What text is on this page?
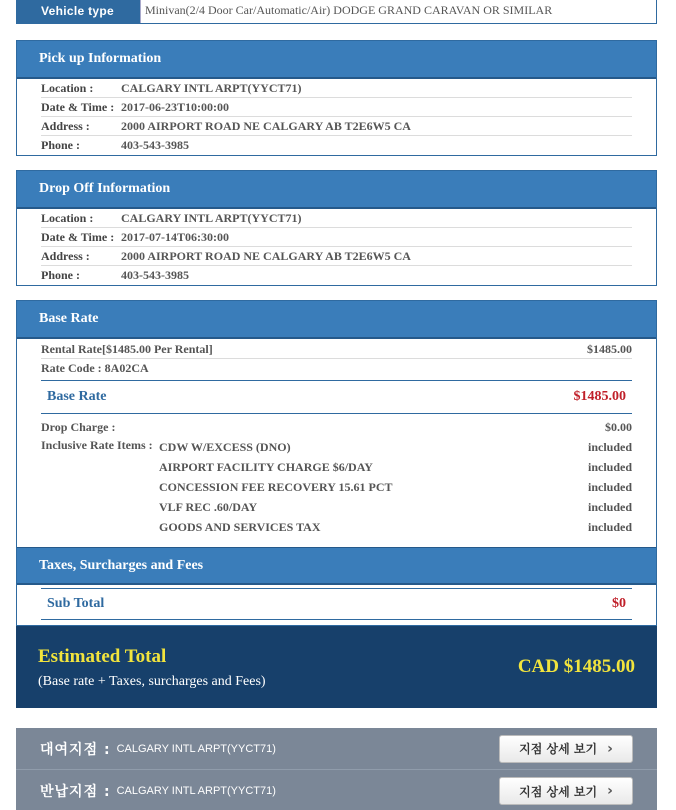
Vehicle type	Minivan(2/4 Door Car/Automatic/Air) DODGE GRAND CARAVAN OR SIMILAR
Pick up Information
Location :	CALGARY INTL ARPT(YYCT71)
Date & Time : 2017-06-23T10:00:00
Address :	2000 AIRPORT ROAD NE CALGARY AB T2E6W5 CA
Phone :	403-543-3985
Drop Off Information
Location :	CALGARY INTL ARPT(YYCT71)
Date & Time : 2017-07-14T06:30:00
Address :	2000 AIRPORT ROAD NE CALGARY AB T2E6W5 CA
Phone :	403-543-3985
Base Rate
Rental Rate[$1485.00 Per Rental]	$1485.00
Rate Code : 8A02CA
Base Rate	$1485.00
Drop Charge :	$0.00
Inclusive Rate Items : CDW W/EXCESS (DNO)	included
AIRPORT FACILITY CHARGE $6/DAY	included
CONCESSION FEE RECOVERY 15.61 PCT	included
VLF REC .60/DAY	included
GOODS AND SERVICES TAX	included
Taxes, Surcharges and Fees
Sub Total	$0
Estimated Total
(Base rate + Taxes, surcharges and Fees)
CAD $1485.00
대여지점 : CALGARY INTL ARPT(YYCT71)	지점 상세 보기 ›
반납지점 : CALGARY INTL ARPT(YYCT71)	지점 상세 보기 ›
